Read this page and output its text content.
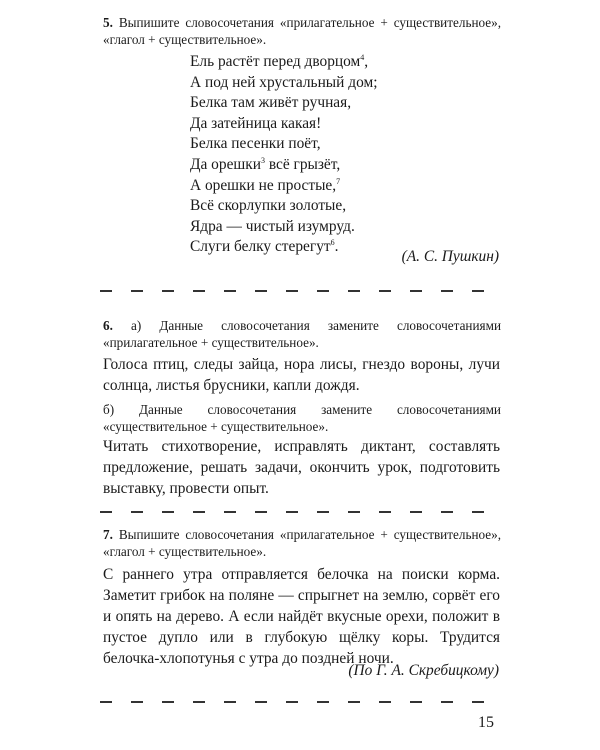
5. Выпишите словосочетания «прилагательное + существительное», «глагол + существительное».
Ель растёт перед дворцом$^4$,
А под ней хрустальный дом;
Белка там живёт ручная,
Да затейница какая!
Белка песенки поёт,
Да орешки$^3$ всё грызёт,
А орешки не простые,$^7$
Всё скорлупки золотые,
Ядра — чистый изумруд.
Слуги белку стерегут$^6$.
(А. С. Пушкин)
6. а) Данные словосочетания замените словосочетаниями «прилагательное + существительное».
Голоса птиц, следы зайца, нора лисы, гнездо вороны, лучи солнца, листья брусники, капли дождя.
б) Данные словосочетания замените словосочетаниями «существительное + существительное».
Читать стихотворение, исправлять диктант, составлять предложение, решать задачи, окончить урок, подготовить выставку, провести опыт.
7. Выпишите словосочетания «прилагательное + существительное», «глагол + существительное».
С раннего утра отправляется белочка на поиски корма. Заметит грибок на поляне — спрыгнет на землю, сорвёт его и опять на дерево. А если найдёт вкусные орехи, положит в пустое дупло или в глубокую щёлку коры. Трудится белочка-хлопотунья с утра до поздней ночи.
(По Г. А. Скребицкому)
15
